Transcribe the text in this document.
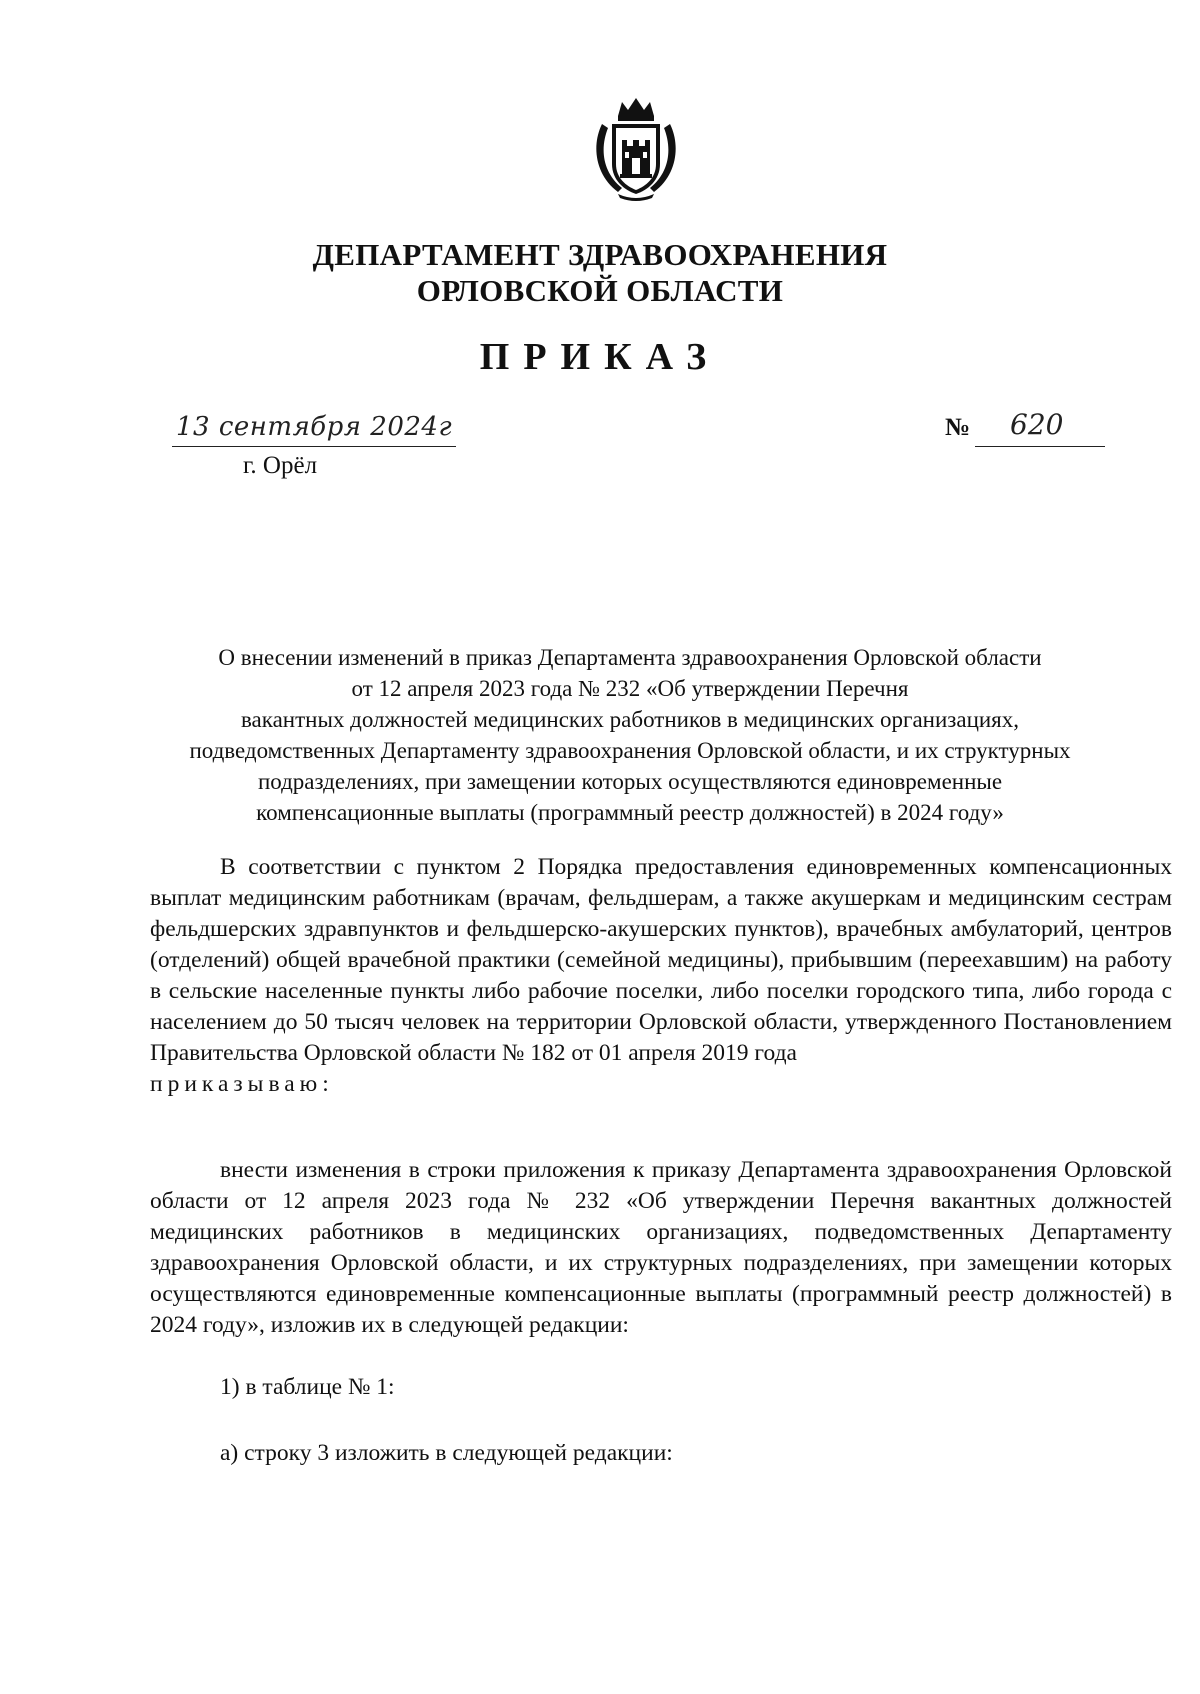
ДЕПАРТАМЕНТ ЗДРАВООХРАНЕНИЯ
ОРЛОВСКОЙ ОБЛАСТИ
ПРИКАЗ
13 сентября 2024г
г. Орёл
№ 620
О внесении изменений в приказ Департамента здравоохранения Орловской области
от 12 апреля 2023 года № 232 «Об утверждении Перечня
вакантных должностей медицинских работников в медицинских организациях,
подведомственных Департаменту здравоохранения Орловской области, и их структурных
подразделениях, при замещении которых осуществляются единовременные
компенсационные выплаты (программный реестр должностей) в 2024 году»
В соответствии с пунктом 2 Порядка предоставления единовременных компенсационных выплат медицинским работникам (врачам, фельдшерам, а также акушеркам и медицинским сестрам фельдшерских здравпунктов и фельдшерско-акушерских пунктов), врачебных амбулаторий, центров (отделений) общей врачебной практики (семейной медицины), прибывшим (переехавшим) на работу в сельские населенные пункты либо рабочие поселки, либо поселки городского типа, либо города с населением до 50 тысяч человек на территории Орловской области, утвержденного Постановлением Правительства Орловской области № 182 от 01 апреля 2019 года
приказываю:
внести изменения в строки приложения к приказу Департамента здравоохранения Орловской области от 12 апреля 2023 года № 232 «Об утверждении Перечня вакантных должностей медицинских работников в медицинских организациях, подведомственных Департаменту здравоохранения Орловской области, и их структурных подразделениях, при замещении которых осуществляются единовременные компенсационные выплаты (программный реестр должностей) в 2024 году», изложив их в следующей редакции:
1) в таблице № 1:
а) строку 3 изложить в следующей редакции:
